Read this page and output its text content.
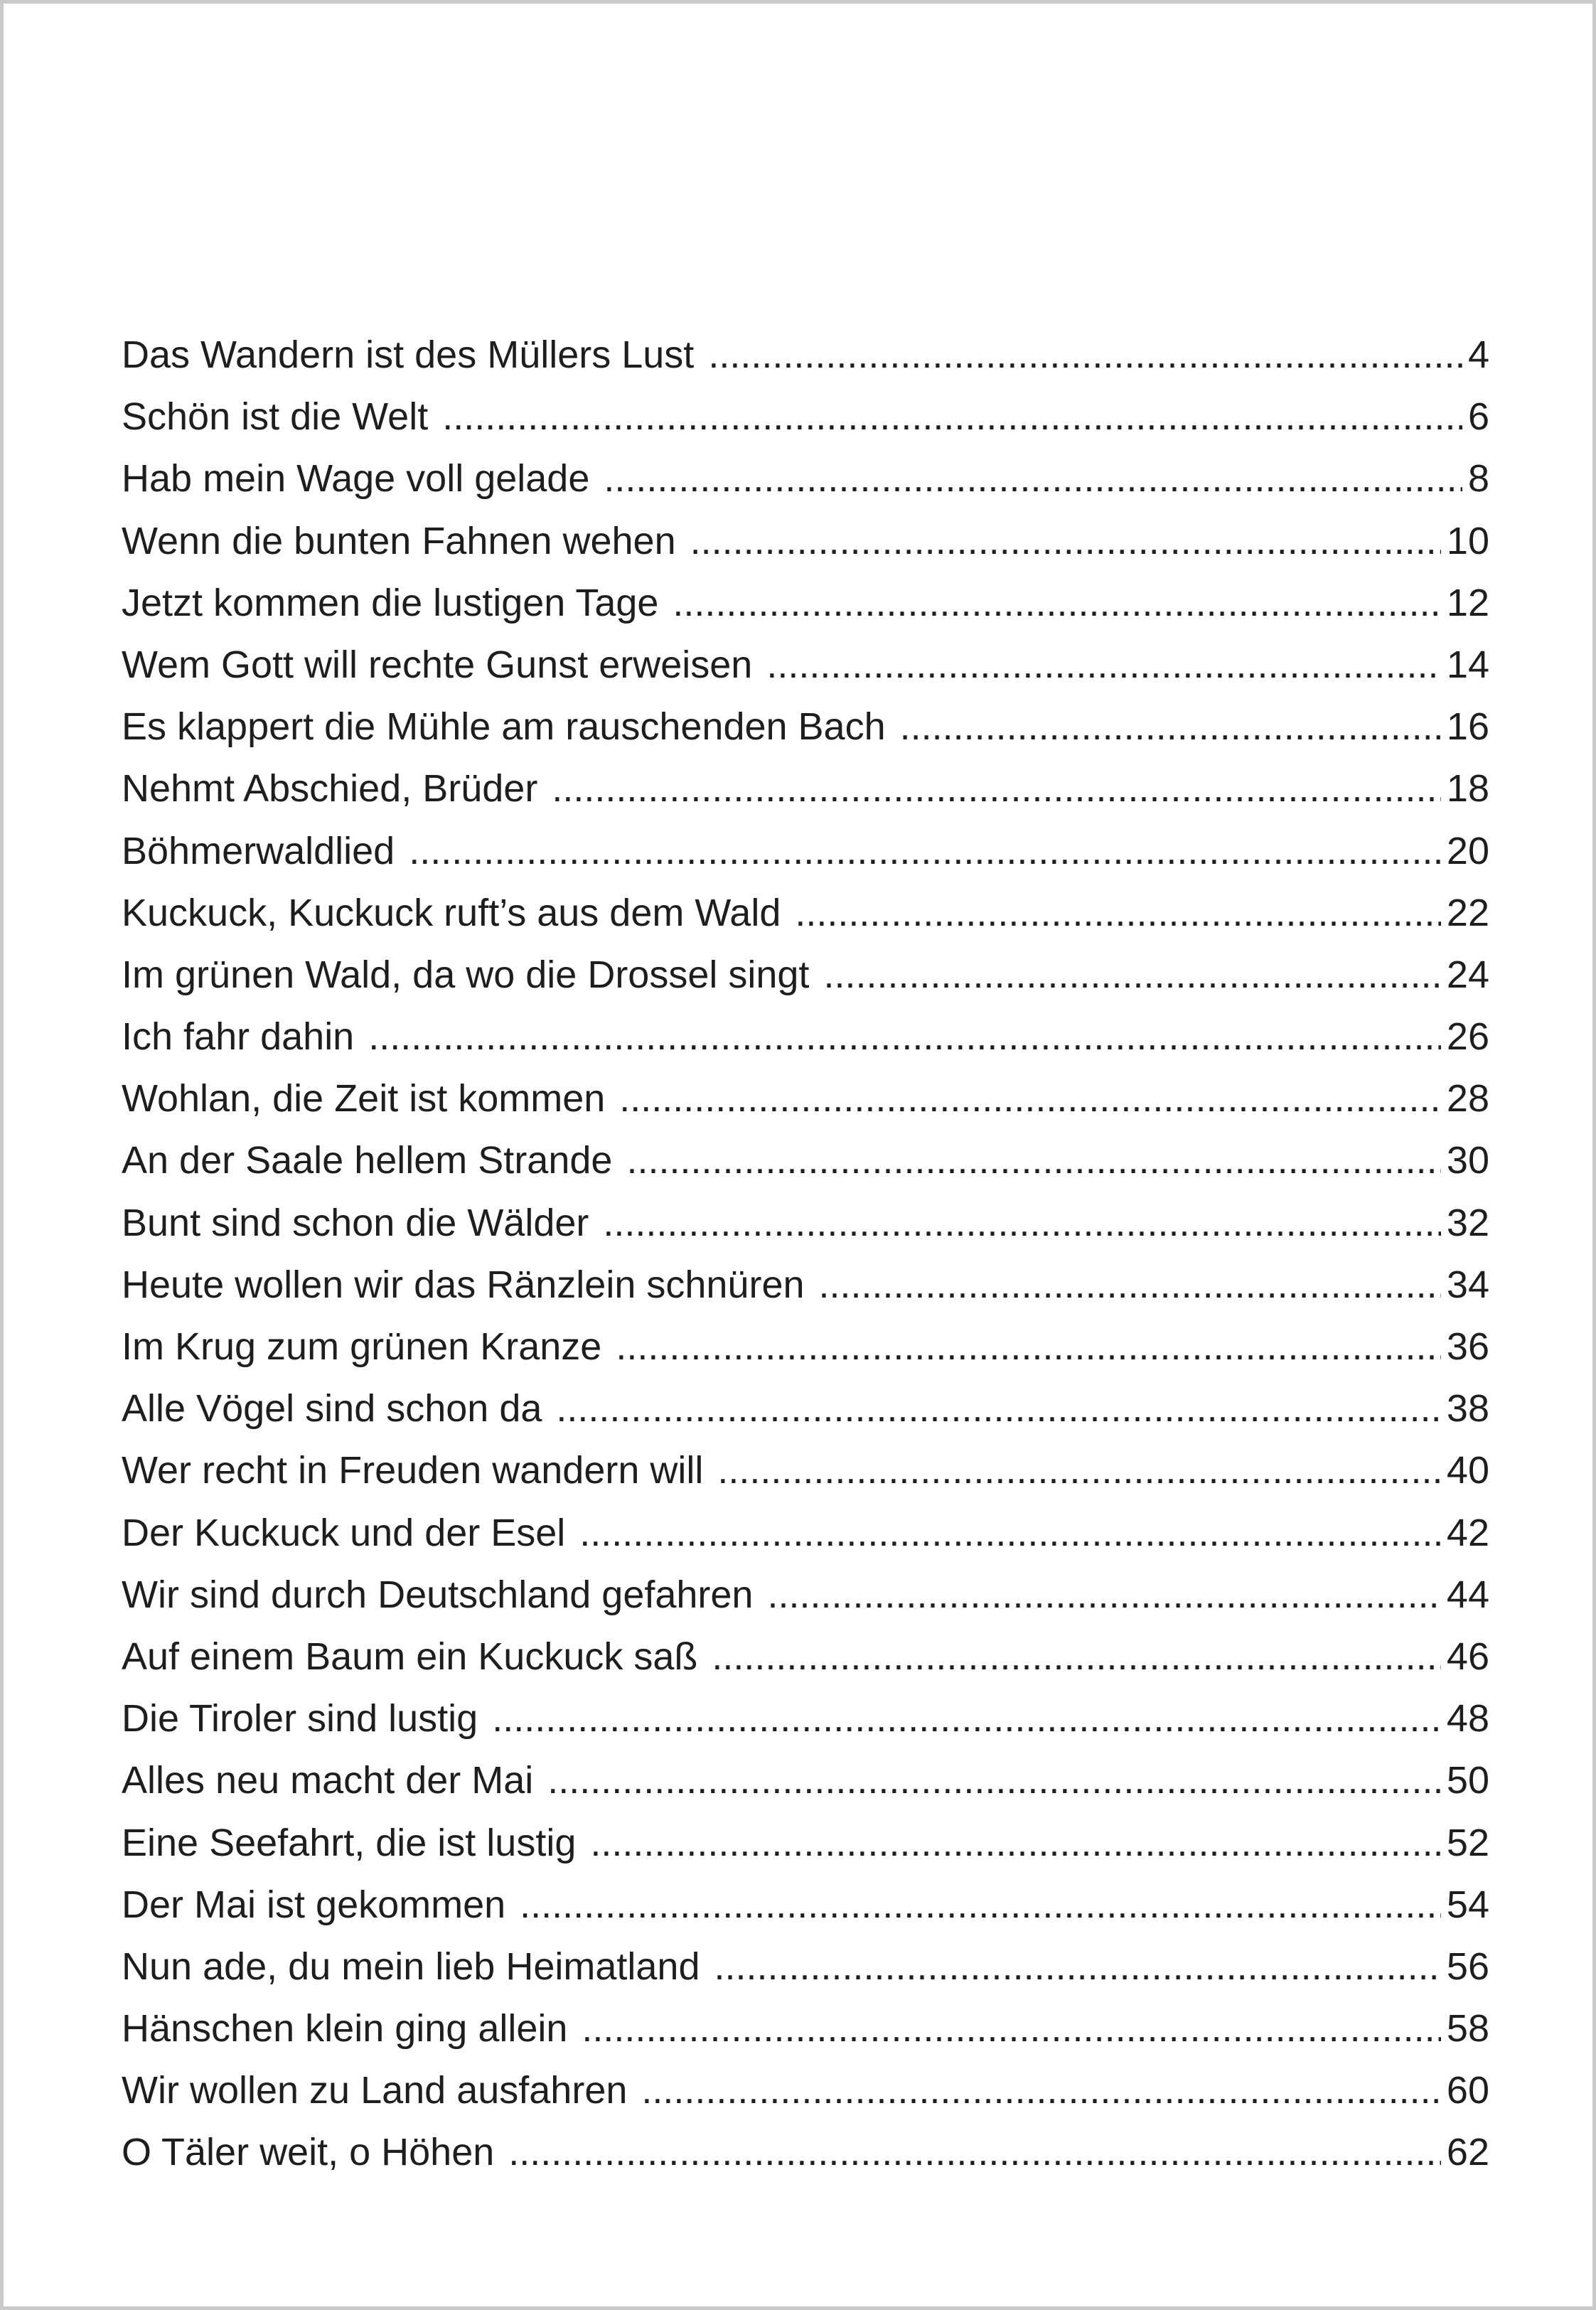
Das Wandern ist des Müllers Lust .....	4
Schön ist die Welt .....	6
Hab mein Wage voll gelade .....	8
Wenn die bunten Fahnen wehen .....	10
Jetzt kommen die lustigen Tage .....	12
Wem Gott will rechte Gunst erweisen .....	14
Es klappert die Mühle am rauschenden Bach .....	16
Nehmt Abschied, Brüder .....	18
Böhmerwaldlied .....	20
Kuckuck, Kuckuck ruft’s aus dem Wald .....	22
Im grünen Wald, da wo die Drossel singt .....	24
Ich fahr dahin .....	26
Wohlan, die Zeit ist kommen .....	28
An der Saale hellem Strande .....	30
Bunt sind schon die Wälder .....	32
Heute wollen wir das Ränzlein schnüren .....	34
Im Krug zum grünen Kranze .....	36
Alle Vögel sind schon da .....	38
Wer recht in Freuden wandern will .....	40
Der Kuckuck und der Esel .....	42
Wir sind durch Deutschland gefahren .....	44
Auf einem Baum ein Kuckuck saß .....	46
Die Tiroler sind lustig .....	48
Alles neu macht der Mai .....	50
Eine Seefahrt, die ist lustig .....	52
Der Mai ist gekommen .....	54
Nun ade, du mein lieb Heimatland .....	56
Hänschen klein ging allein .....	58
Wir wollen zu Land ausfahren .....	60
O Täler weit, o Höhen .....	62
